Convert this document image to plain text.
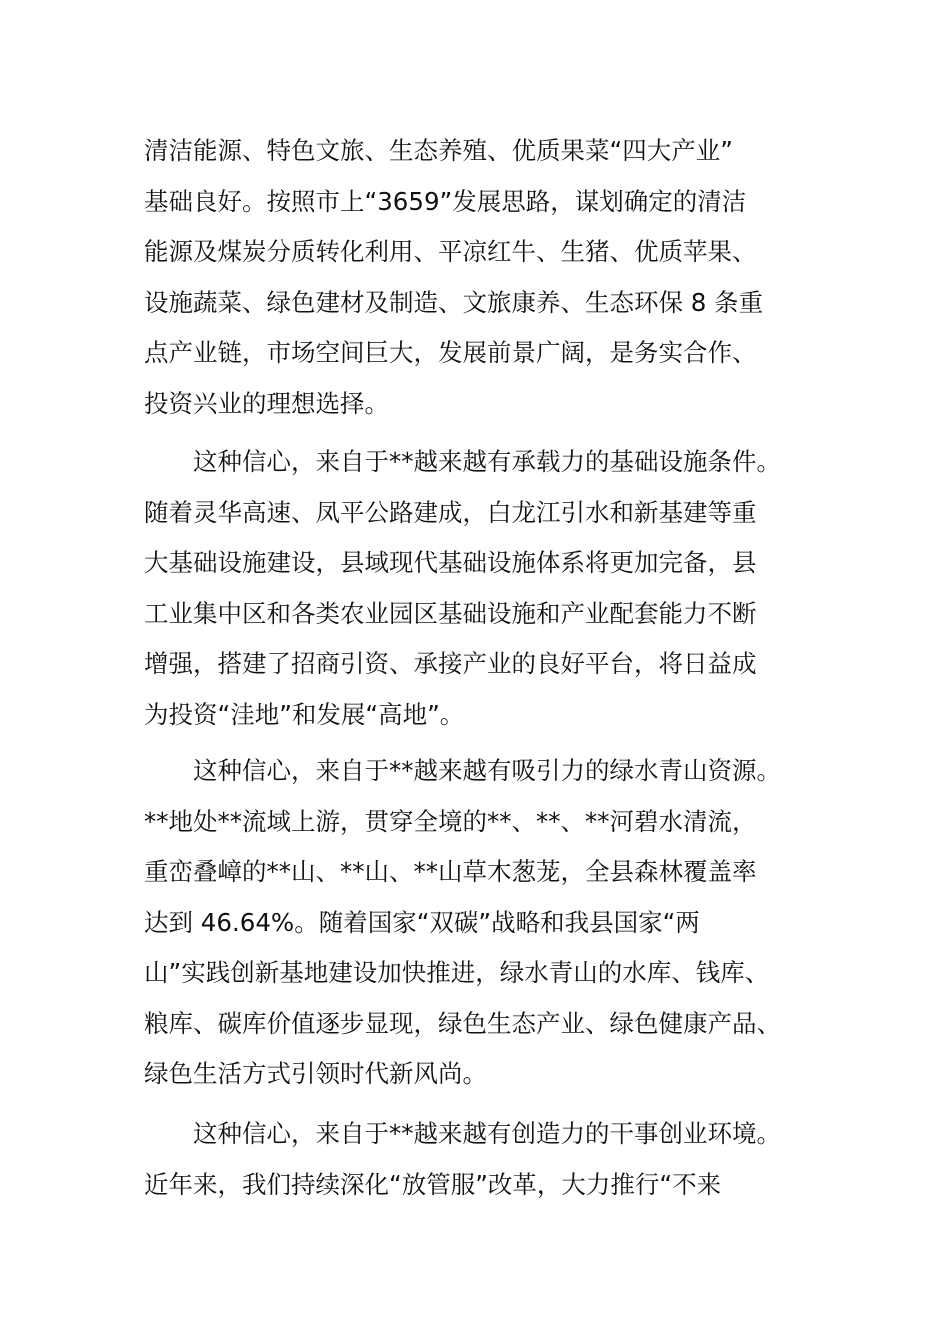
清洁能源、特色文旅、生态养殖、优质果菜“四大产业”
基础良好。按照市上“3659”发展思路，谋划确定的清洁
能源及煤炭分质转化利用、平凉红牛、生猪、优质苹果、
设施蔬菜、绿色建材及制造、文旅康养、生态环保 8 条重
点产业链，市场空间巨大，发展前景广阔，是务实合作、
投资兴业的理想选择。
这种信心，来自于**越来越有承载力的基础设施条件。
随着灵华高速、凤平公路建成，白龙江引水和新基建等重
大基础设施建设，县域现代基础设施体系将更加完备，县
工业集中区和各类农业园区基础设施和产业配套能力不断
增强，搭建了招商引资、承接产业的良好平台，将日益成
为投资“洼地”和发展“高地”。
这种信心，来自于**越来越有吸引力的绿水青山资源。
**地处**流域上游，贯穿全境的**、**、**河碧水清流，
重峦叠嶂的**山、**山、**山草木葱茏，全县森林覆盖率
达到 46.64%。随着国家“双碳”战略和我县国家“两
山”实践创新基地建设加快推进，绿水青山的水库、钱库、
粮库、碳库价值逐步显现，绿色生态产业、绿色健康产品、
绿色生活方式引领时代新风尚。
这种信心，来自于**越来越有创造力的干事创业环境。
近年来，我们持续深化“放管服”改革，大力推行“不来
